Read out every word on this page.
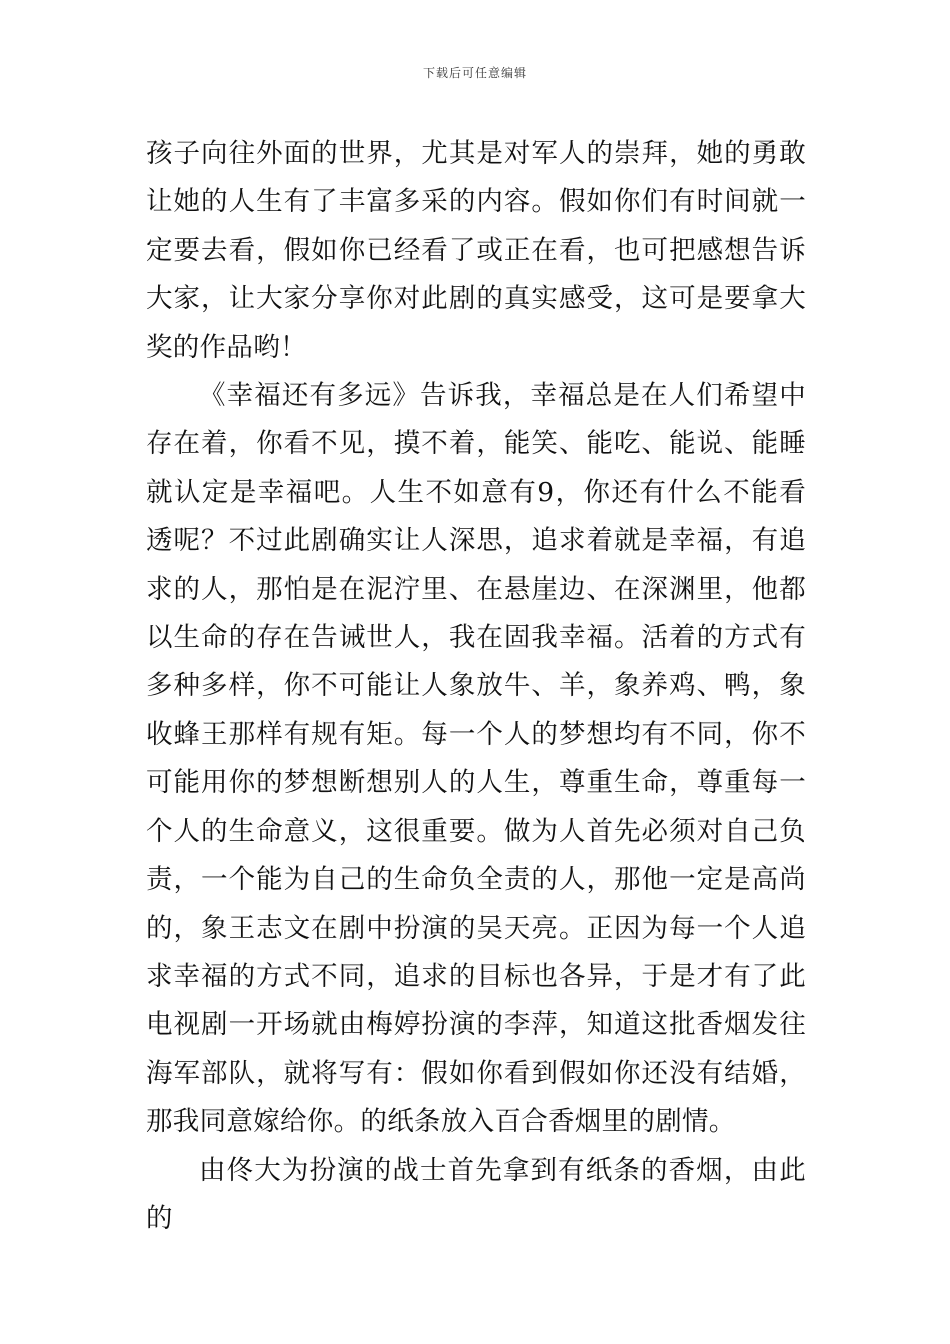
下载后可任意编辑

孩子向往外面的世界，尤其是对军人的崇拜，她的勇敢让她的人生有了丰富多采的内容。假如你们有时间就一定要去看，假如你已经看了或正在看，也可把感想告诉大家，让大家分享你对此剧的真实感受，这可是要拿大奖的作品哟！

《幸福还有多远》告诉我，幸福总是在人们希望中存在着，你看不见，摸不着，能笑、能吃、能说、能睡就认定是幸福吧。人生不如意有9，你还有什么不能看透呢？不过此剧确实让人深思，追求着就是幸福，有追求的人，那怕是在泥泞里、在悬崖边、在深渊里，他都以生命的存在告诫世人，我在固我幸福。活着的方式有多种多样，你不可能让人象放牛、羊，象养鸡、鸭，象收蜂王那样有规有矩。每一个人的梦想均有不同，你不可能用你的梦想断想别人的人生，尊重生命，尊重每一个人的生命意义，这很重要。做为人首先必须对自己负责，一个能为自己的生命负全责的人，那他一定是高尚的，象王志文在剧中扮演的吴天亮。正因为每一个人追求幸福的方式不同，追求的目标也各异，于是才有了此电视剧一开场就由梅婷扮演的李萍，知道这批香烟发往海军部队，就将写有：假如你看到假如你还没有结婚，那我同意嫁给你。的纸条放入百合香烟里的剧情。

由佟大为扮演的战士首先拿到有纸条的香烟，由此的
